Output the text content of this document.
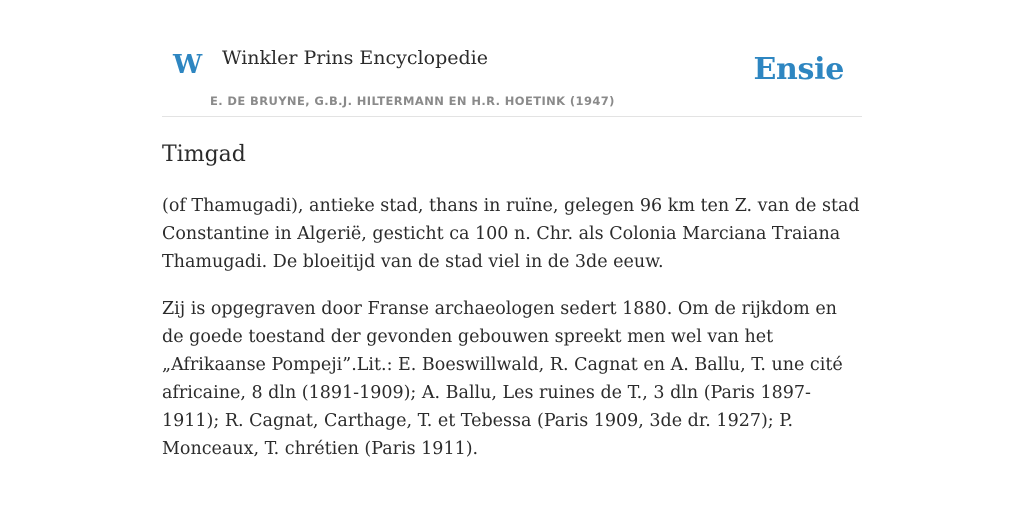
W Winkler Prins Encyclopedie
E. DE BRUYNE, G.B.J. HILTERMANN EN H.R. HOETINK (1947)
Ensie
Timgad

(of Thamugadi), antieke stad, thans in ruïne, gelegen 96 km ten Z. van de stad Constantine in Algerië, gesticht ca 100 n. Chr. als Colonia Marciana Traiana Thamugadi. De bloeitijd van de stad viel in de 3de eeuw.

Zij is opgegraven door Franse archaeologen sedert 1880. Om de rijkdom en de goede toestand der gevonden gebouwen spreekt men wel van het „Afrikaanse Pompeji”.Lit.: E. Boeswillwald, R. Cagnat en A. Ballu, T. une cité africaine, 8 dln (1891-1909); A. Ballu, Les ruines de T., 3 dln (Paris 1897-1911); R. Cagnat, Carthage, T. et Tebessa (Paris 1909, 3de dr. 1927); P. Monceaux, T. chrétien (Paris 1911).
